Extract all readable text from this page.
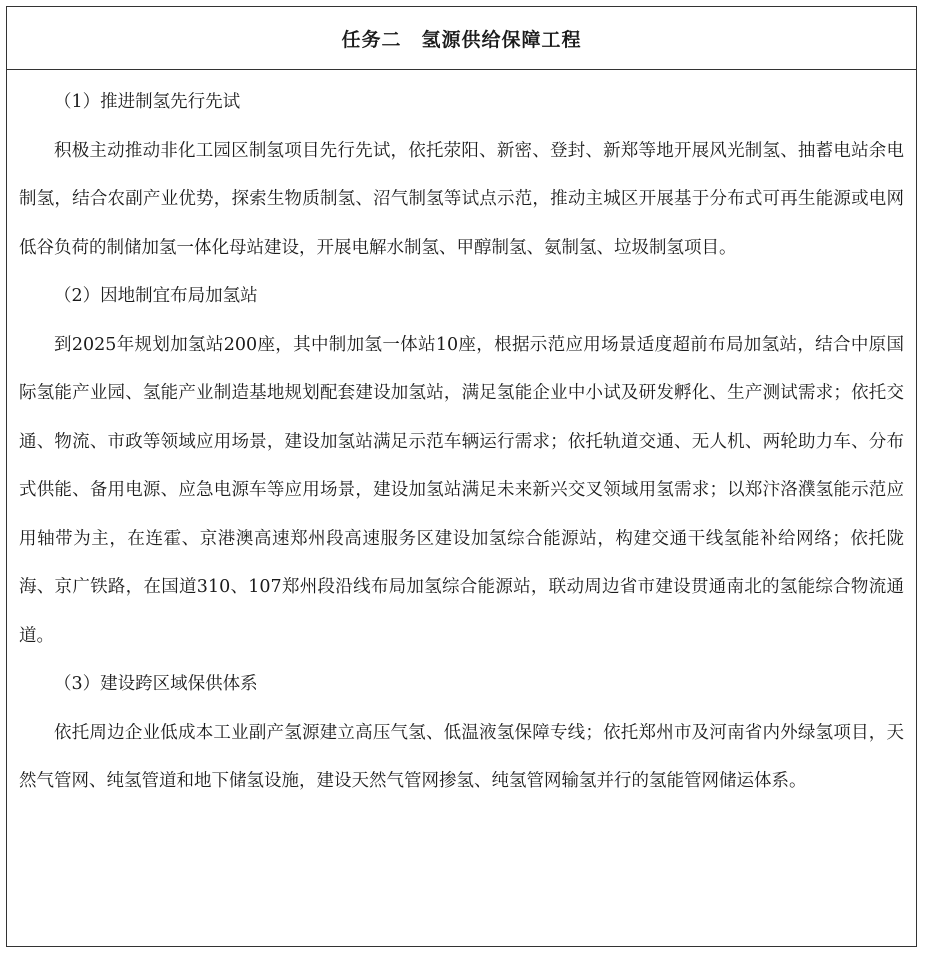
任务二　氢源供给保障工程

（1）推进制氢先行先试

积极主动推动非化工园区制氢项目先行先试，依托荥阳、新密、登封、新郑等地开展风光制氢、抽蓄电站余电制氢，结合农副产业优势，探索生物质制氢、沼气制氢等试点示范，推动主城区开展基于分布式可再生能源或电网低谷负荷的制储加氢一体化母站建设，开展电解水制氢、甲醇制氢、氨制氢、垃圾制氢项目。

（2）因地制宜布局加氢站

到2025年规划加氢站200座，其中制加氢一体站10座，根据示范应用场景适度超前布局加氢站，结合中原国际氢能产业园、氢能产业制造基地规划配套建设加氢站，满足氢能企业中小试及研发孵化、生产测试需求；依托交通、物流、市政等领域应用场景，建设加氢站满足示范车辆运行需求；依托轨道交通、无人机、两轮助力车、分布式供能、备用电源、应急电源车等应用场景，建设加氢站满足未来新兴交叉领域用氢需求；以郑汴洛濮氢能示范应用轴带为主，在连霍、京港澳高速郑州段高速服务区建设加氢综合能源站，构建交通干线氢能补给网络；依托陇海、京广铁路，在国道310、107郑州段沿线布局加氢综合能源站，联动周边省市建设贯通南北的氢能综合物流通道。

（3）建设跨区域保供体系

依托周边企业低成本工业副产氢源建立高压气氢、低温液氢保障专线；依托郑州市及河南省内外绿氢项目，天然气管网、纯氢管道和地下储氢设施，建设天然气管网掺氢、纯氢管网输氢并行的氢能管网储运体系。
